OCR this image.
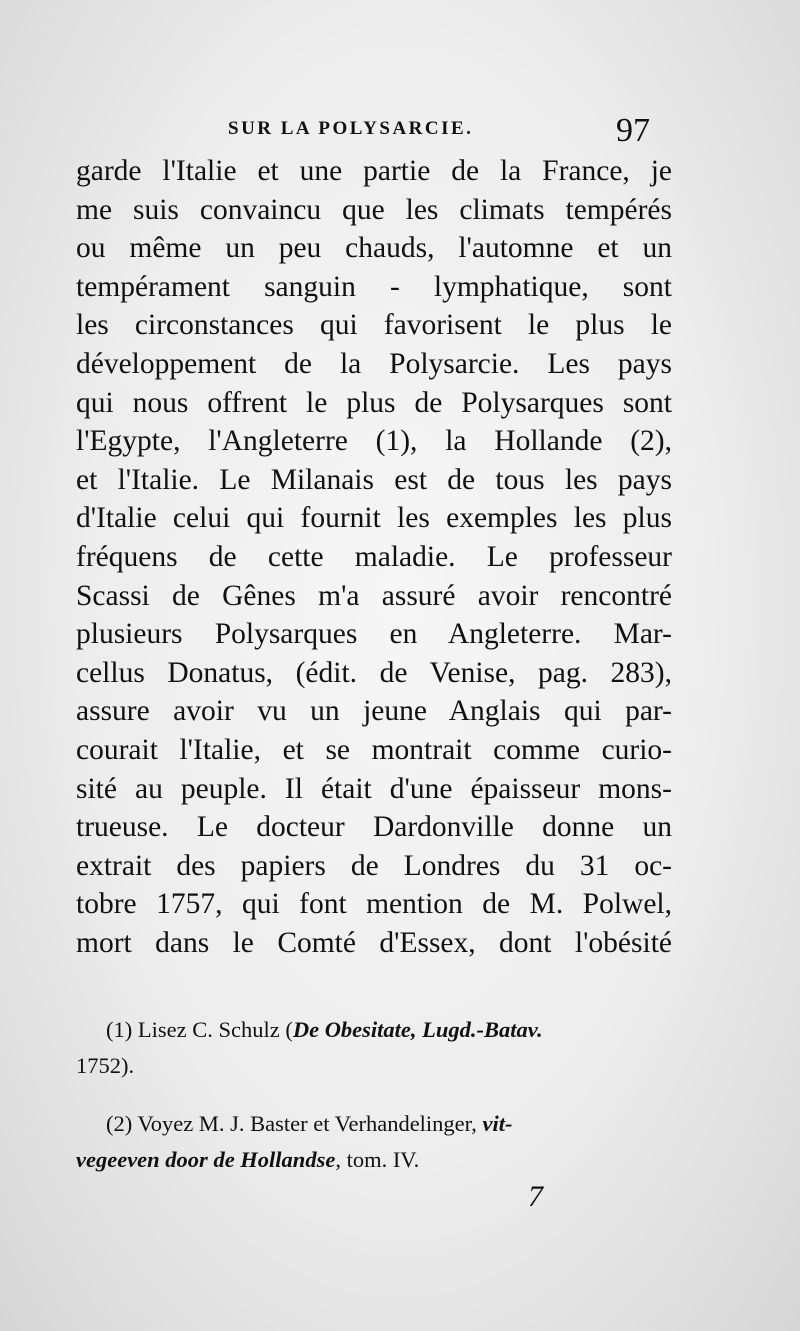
SUR LA POLYSARCIE.	97
garde l'Italie et une partie de la France, je
me suis convaincu que les climats tempérés
ou même un peu chauds, l'automne et un
tempérament sanguin - lymphatique, sont
les circonstances qui favorisent le plus le
développement de la Polysarcie. Les pays
qui nous offrent le plus de Polysarques sont
l'Egypte, l'Angleterre (1), la Hollande (2),
et l'Italie. Le Milanais est de tous les pays
d'Italie celui qui fournit les exemples les plus
fréquens de cette maladie. Le professeur
Scassi de Gênes m'a assuré avoir rencontré
plusieurs Polysarques en Angleterre. Mar-
cellus Donatus, (édit. de Venise, pag. 283),
assure avoir vu un jeune Anglais qui par-
courait l'Italie, et se montrait comme curio-
sité au peuple. Il était d'une épaisseur mons-
trueuse. Le docteur Dardonville donne un
extrait des papiers de Londres du 31 oc-
tobre 1757, qui font mention de M. Polwel,
mort dans le Comté d'Essex, dont l'obésité
(1) Lisez C. Schulz (De Obesitate, Lugd.-Batav.
1752).
(2) Voyez M. J. Baster et Verhandelinger, vit-
vegeeven door de Hollandse, tom. IV.
7
